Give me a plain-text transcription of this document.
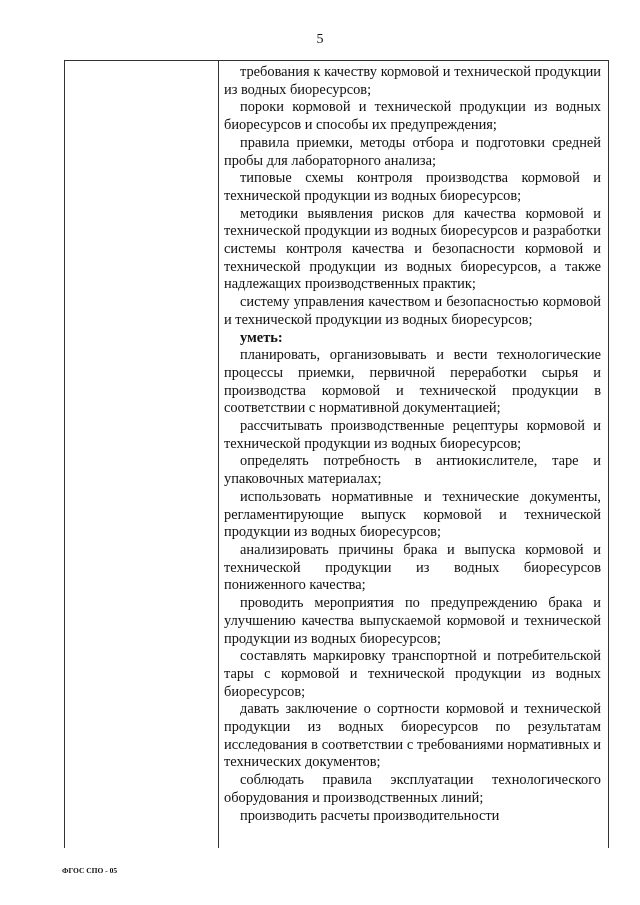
5

требования к качеству кормовой и технической продукции из водных биоресурсов;

пороки кормовой и технической продукции из водных биоресурсов и способы их предупреждения;

правила приемки, методы отбора и подготовки средней пробы для лабораторного анализа;

типовые схемы контроля производства кормовой и технической продукции из водных биоресурсов;

методики выявления рисков для качества кормовой и технической продукции из водных биоресурсов и разработки системы контроля качества и безопасности кормовой и технической продукции из водных биоресурсов, а также надлежащих производственных практик;

систему управления качеством и безопасностью кормовой и технической продукции из водных биоресурсов;

уметь:

планировать, организовывать и вести технологические процессы приемки, первичной переработки сырья и производства кормовой и технической продукции в соответствии с нормативной документацией;

рассчитывать производственные рецептуры кормовой и технической продукции из водных биоресурсов;

определять потребность в антиокислителе, таре и упаковочных материалах;

использовать нормативные и технические документы, регламентирующие выпуск кормовой и технической продукции из водных биоресурсов;

анализировать причины брака и выпуска кормовой и технической продукции из водных биоресурсов пониженного качества;

проводить мероприятия по предупреждению брака и улучшению качества выпускаемой кормовой и технической продукции из водных биоресурсов;

составлять маркировку транспортной и потребительской тары с кормовой и технической продукции из водных биоресурсов;

давать заключение о сортности кормовой и технической продукции из водных биоресурсов по результатам исследования в соответствии с требованиями нормативных и технических документов;

соблюдать правила эксплуатации технологического оборудования и производственных линий;

производить расчеты производительности

ФГОС СПО - 05
